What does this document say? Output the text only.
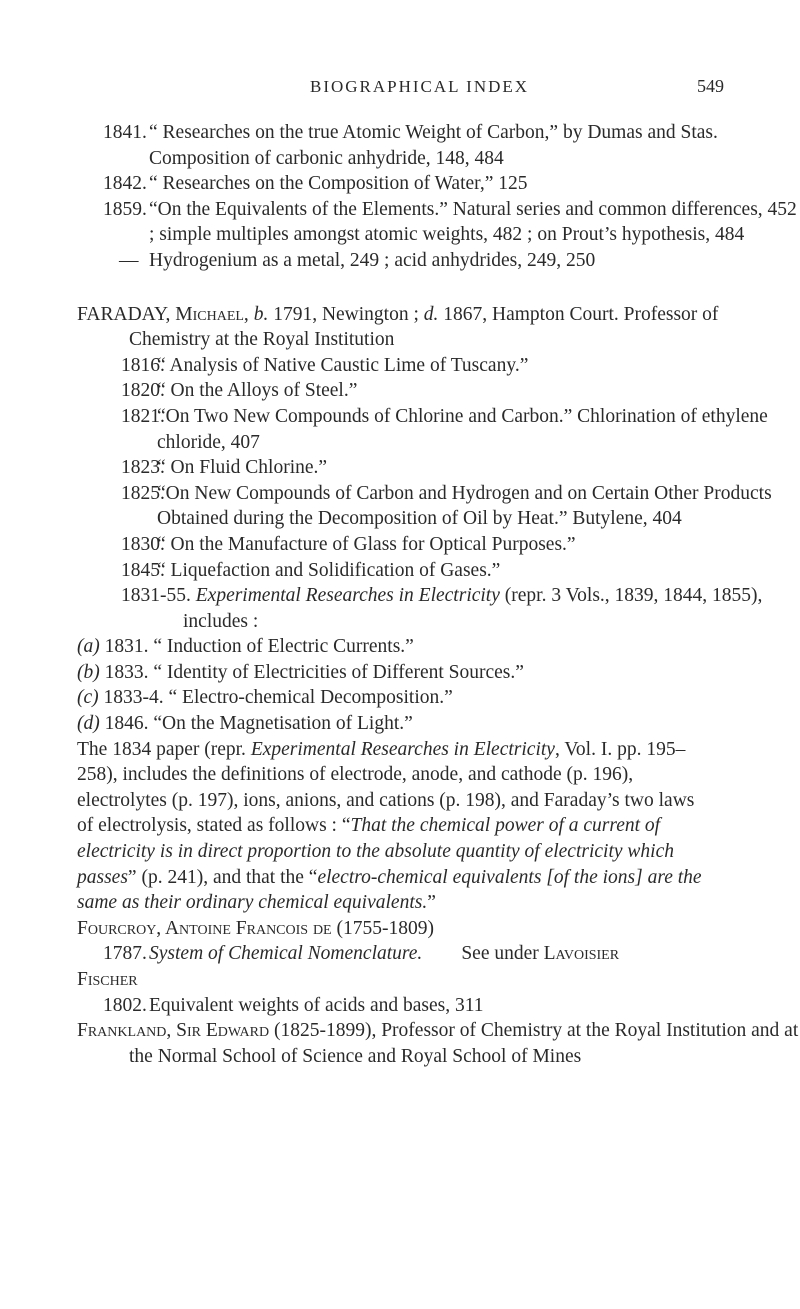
BIOGRAPHICAL INDEX	549

1841. “ Researches on the true Atomic Weight of Carbon,” by Dumas and Stas. Composition of carbonic anhydride, 148, 484

1842. “ Researches on the Composition of Water,” 125

1859. “On the Equivalents of the Elements.” Natural series and common differences, 452 ; simple multiples amongst atomic weights, 482 ; on Prout’s hypothesis, 484

— Hydrogenium as a metal, 249 ; acid anhydrides, 249, 250

FARADAY, Michael, b. 1791, Newington ; d. 1867, Hampton Court. Professor of Chemistry at the Royal Institution

1816.
“ Analysis of Native Caustic Lime of Tuscany.”

1820.
“ On the Alloys of Steel.”

1821.
“On Two New Compounds of Chlorine and Carbon.” Chlorination of ethylene chloride, 407

1823.
“ On Fluid Chlorine.”

1825.
“On New Compounds of Carbon and Hydrogen and on Certain Other Products Obtained during the Decomposition of Oil by Heat.” Butylene, 404

1830.
“ On the Manufacture of Glass for Optical Purposes.”

1845.
“ Liquefaction and Solidification of Gases.”

1831-55. Experimental Researches in Electricity (repr. 3 Vols., 1839, 1844, 1855), includes :

(a) 1831. “ Induction of Electric Currents.”

(b) 1833. “ Identity of Electricities of Different Sources.”

(c) 1833-4. “ Electro-chemical Decomposition.”

(d) 1846. “On the Magnetisation of Light.”

The 1834 paper (repr. Experimental Researches in Electricity, Vol. I. pp. 195–258), includes the definitions of electrode, anode, and cathode (p. 196), electrolytes (p. 197), ions, anions, and cations (p. 198), and Faraday’s two laws of electrolysis, stated as follows : “That the chemical power of a current of electricity is in direct proportion to the absolute quantity of electricity which passes” (p. 241), and that the “electro-chemical equivalents [of the ions] are the same as their ordinary chemical equivalents.”

Fourcroy, Antoine Francois de (1755-1809)

1787. System of Chemical Nomenclature. See under Lavoisier

Fischer

1802. Equivalent weights of acids and bases, 311

Frankland, Sir Edward (1825-1899), Professor of Chemistry at the Royal Institution and at the Normal School of Science and Royal School of Mines
